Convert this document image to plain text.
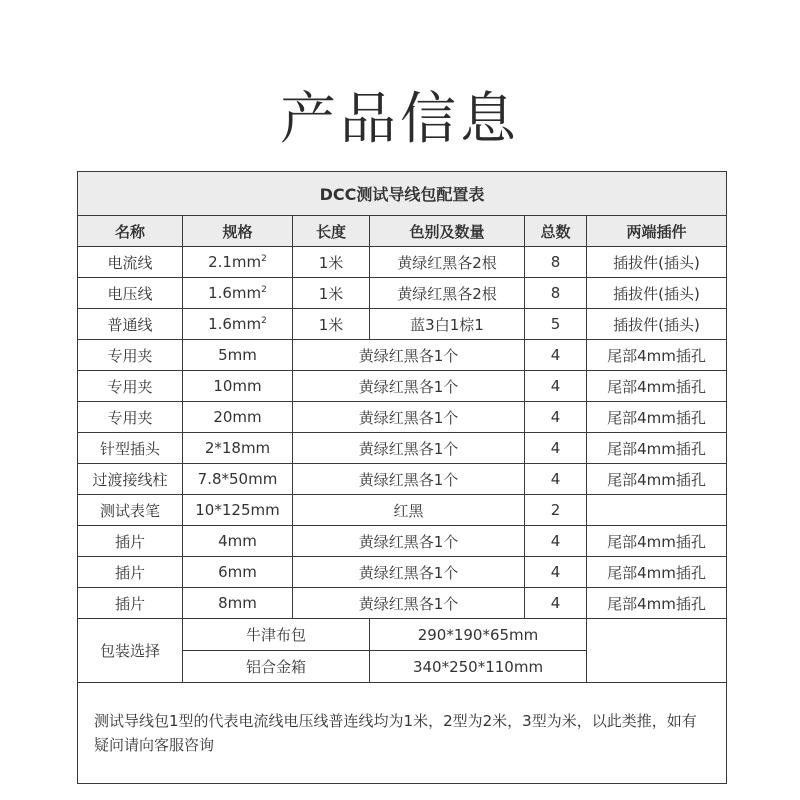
产品信息
DCC测试导线包配置表					
名称	规格	长度	色别及数量	总数	两端插件
电流线	$2.1mm^2$	1米	黄绿红黑各2根	8	插拔件(插头)
电压线	$1.6mm^2$	1米	黄绿红黑各2根	8	插拔件(插头)
普通线	$1.6mm^2$	1米	蓝3白1棕1	5	插拔件(插头)
专用夹	5mm	黄绿红黑各1个		4	尾部4mm插孔
专用夹	10mm	黄绿红黑各1个		4	尾部4mm插孔
专用夹	20mm	黄绿红黑各1个		4	尾部4mm插孔
针型插头	2*18mm	黄绿红黑各1个		4	尾部4mm插孔
过渡接线柱	7.8*50mm	黄绿红黑各1个		4	尾部4mm插孔
测试表笔	10*125mm	红黑		2	
插片	4mm	黄绿红黑各1个		4	尾部4mm插孔
插片	6mm	黄绿红黑各1个		4	尾部4mm插孔
插片	8mm	黄绿红黑各1个		4	尾部4mm插孔
包装选择	牛津布包		290*190*65mm		
	铝合金箱		340*250*110mm		
测试导线包1型的代表电流线电压线普连线均为1米，2型为2米，3型为米，以此类推，如有疑问请向客服咨询					
